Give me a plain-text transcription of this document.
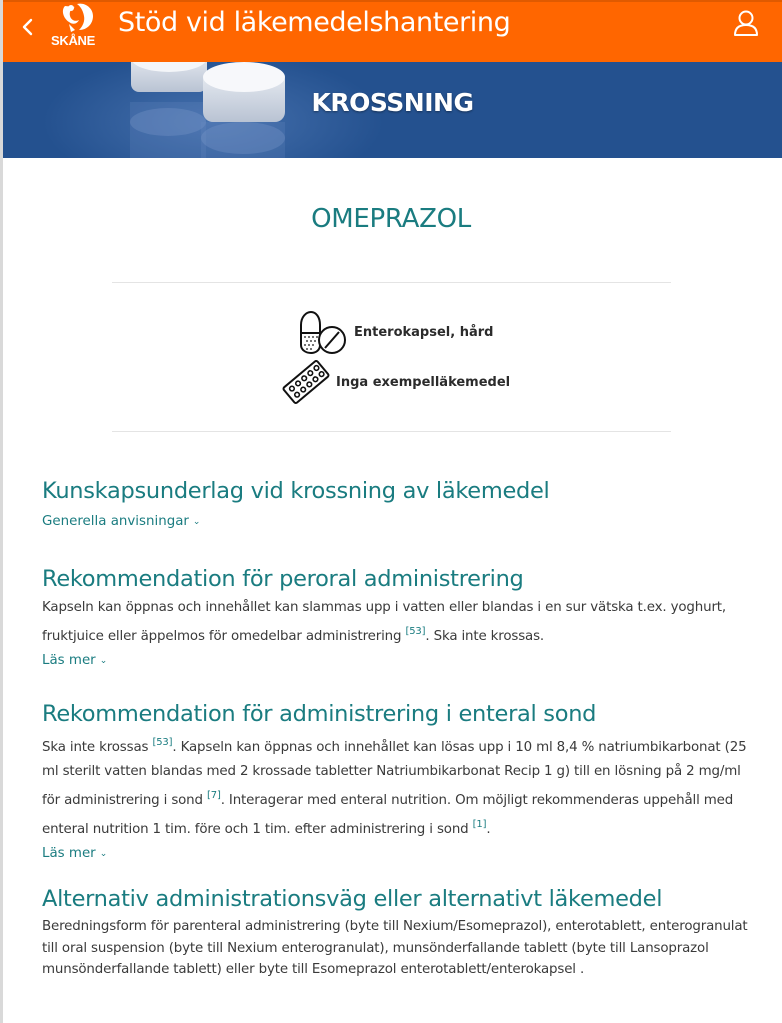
SKÅNE
Stöd vid läkemedelshantering
KROSSNING
OMEPRAZOL
Enterokapsel, hård
Inga exempelläkemedel
Kunskapsunderlag vid krossning av läkemedel
Generella anvisningar ⌄
Rekommendation för peroral administrering

Kapseln kan öppnas och innehållet kan slammas upp i vatten eller blandas i en sur vätska t.ex. yoghurt, fruktjuice eller äppelmos för omedelbar administrering [53]. Ska inte krossas.

Läs mer ⌄
Rekommendation för administrering i enteral sond

Ska inte krossas [53]. Kapseln kan öppnas och innehållet kan lösas upp i 10 ml 8,4 % natriumbikarbonat (25 ml sterilt vatten blandas med 2 krossade tabletter Natriumbikarbonat Recip 1 g) till en lösning på 2 mg/ml för administrering i sond [7]. Interagerar med enteral nutrition. Om möjligt rekommenderas uppehåll med enteral nutrition 1 tim. före och 1 tim. efter administrering i sond [1].

Läs mer ⌄
Alternativ administrationsväg eller alternativt läkemedel

Beredningsform för parenteral administrering (byte till Nexium/Esomeprazol), enterotablett, enterogranulat till oral suspension (byte till Nexium enterogranulat), munsönderfallande tablett (byte till Lansoprazol munsönderfallande tablett) eller byte till Esomeprazol enterotablett/enterokapsel .
